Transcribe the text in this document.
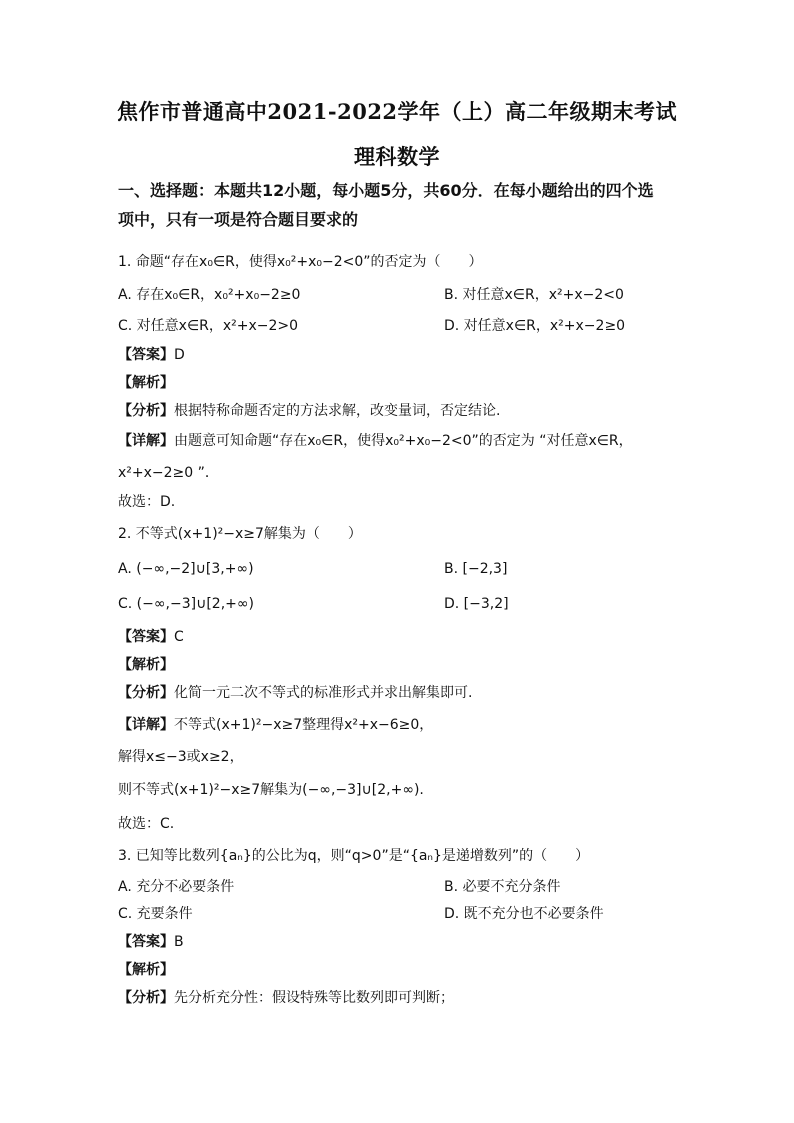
焦作市普通高中2021-2022学年（上）高二年级期末考试
理科数学
一、选择题：本题共12小题，每小题5分，共60分．在每小题给出的四个选
项中，只有一项是符合题目要求的
1. 命题“存在x₀∈R，使得x₀²+x₀−2<0”的否定为（　　）
A. 存在x₀∈R，x₀²+x₀−2≥0	B. 对任意x∈R，x²+x−2<0
C. 对任意x∈R，x²+x−2>0	D. 对任意x∈R，x²+x−2≥0
【答案】D
【解析】
【分析】根据特称命题否定的方法求解，改变量词，否定结论.
【详解】由题意可知命题“存在x₀∈R，使得x₀²+x₀−2<0”的否定为 “对任意x∈R，
x²+x−2≥0 ”．
故选：D.
2. 不等式(x+1)²−x≥7解集为（　　）
A. (−∞,−2]∪[3,+∞)	B. [−2,3]
C. (−∞,−3]∪[2,+∞)	D. [−3,2]
【答案】C
【解析】
【分析】化简一元二次不等式的标准形式并求出解集即可.
【详解】不等式(x+1)²−x≥7整理得x²+x−6≥0，
解得x≤−3或x≥2，
则不等式(x+1)²−x≥7解集为(−∞,−3]∪[2,+∞).
故选：C.
3. 已知等比数列{aₙ}的公比为q，则“q>0”是“{aₙ}是递增数列”的（　　）
A. 充分不必要条件	B. 必要不充分条件
C. 充要条件	D. 既不充分也不必要条件
【答案】B
【解析】
【分析】先分析充分性：假设特殊等比数列即可判断；
